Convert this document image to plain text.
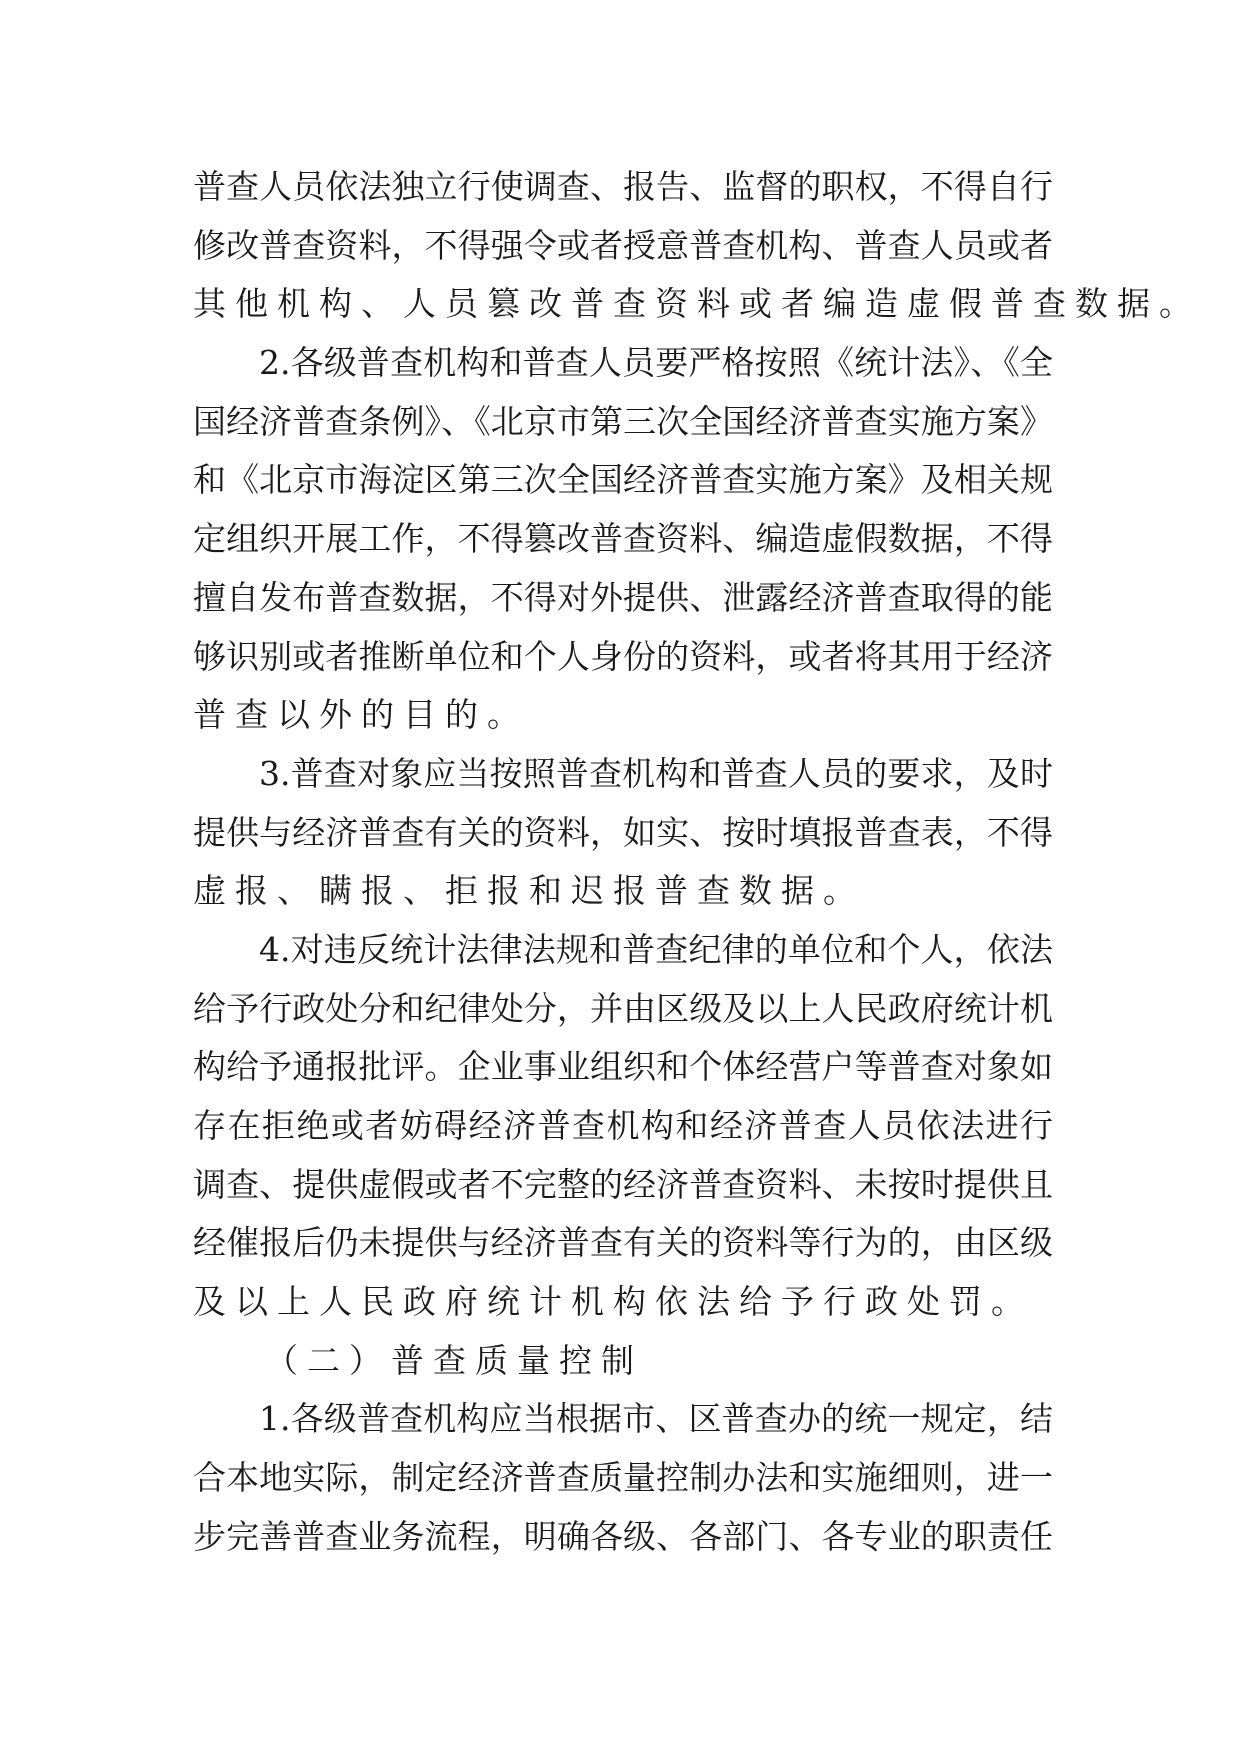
普查人员依法独立行使调查、报告、监督的职权，不得自行
修改普查资料，不得强令或者授意普查机构、普查人员或者
其他机构、人员篡改普查资料或者编造虚假普查数据。
2.各级普查机构和普查人员要严格按照《统计法》、《全
国经济普查条例》、《北京市第三次全国经济普查实施方案》
和《北京市海淀区第三次全国经济普查实施方案》及相关规
定组织开展工作，不得篡改普查资料、编造虚假数据，不得
擅自发布普查数据，不得对外提供、泄露经济普查取得的能
够识别或者推断单位和个人身份的资料，或者将其用于经济
普查以外的目的。
3.普查对象应当按照普查机构和普查人员的要求，及时
提供与经济普查有关的资料，如实、按时填报普查表，不得
虚报、瞒报、拒报和迟报普查数据。
4.对违反统计法律法规和普查纪律的单位和个人，依法
给予行政处分和纪律处分，并由区级及以上人民政府统计机
构给予通报批评。企业事业组织和个体经营户等普查对象如
存在拒绝或者妨碍经济普查机构和经济普查人员依法进行
调查、提供虚假或者不完整的经济普查资料、未按时提供且
经催报后仍未提供与经济普查有关的资料等行为的，由区级
及以上人民政府统计机构依法给予行政处罚。
（二）普查质量控制
1.各级普查机构应当根据市、区普查办的统一规定，结
合本地实际，制定经济普查质量控制办法和实施细则，进一
步完善普查业务流程，明确各级、各部门、各专业的职责任
